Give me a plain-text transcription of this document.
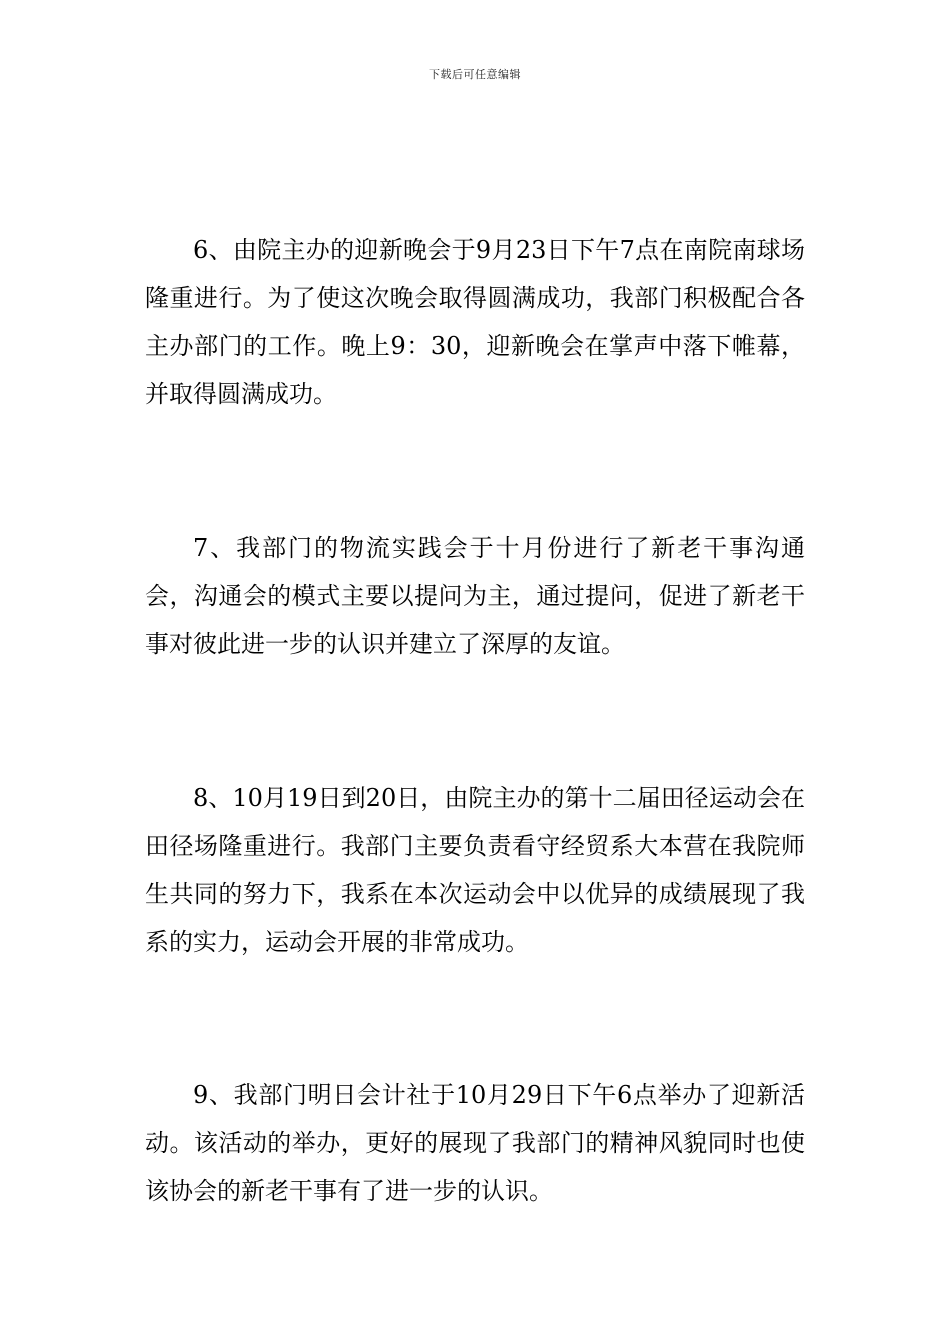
下载后可任意编辑

6、由院主办的迎新晚会于9月23日下午7点在南院南球场隆重进行。为了使这次晚会取得圆满成功，我部门积极配合各主办部门的工作。晚上9：30，迎新晚会在掌声中落下帷幕，并取得圆满成功。

7、我部门的物流实践会于十月份进行了新老干事沟通会，沟通会的模式主要以提问为主，通过提问，促进了新老干事对彼此进一步的认识并建立了深厚的友谊。

8、10月19日到20日，由院主办的第十二届田径运动会在田径场隆重进行。我部门主要负责看守经贸系大本营在我院师生共同的努力下，我系在本次运动会中以优异的成绩展现了我系的实力，运动会开展的非常成功。

9、我部门明日会计社于10月29日下午6点举办了迎新活动。该活动的举办，更好的展现了我部门的精神风貌同时也使该协会的新老干事有了进一步的认识。
